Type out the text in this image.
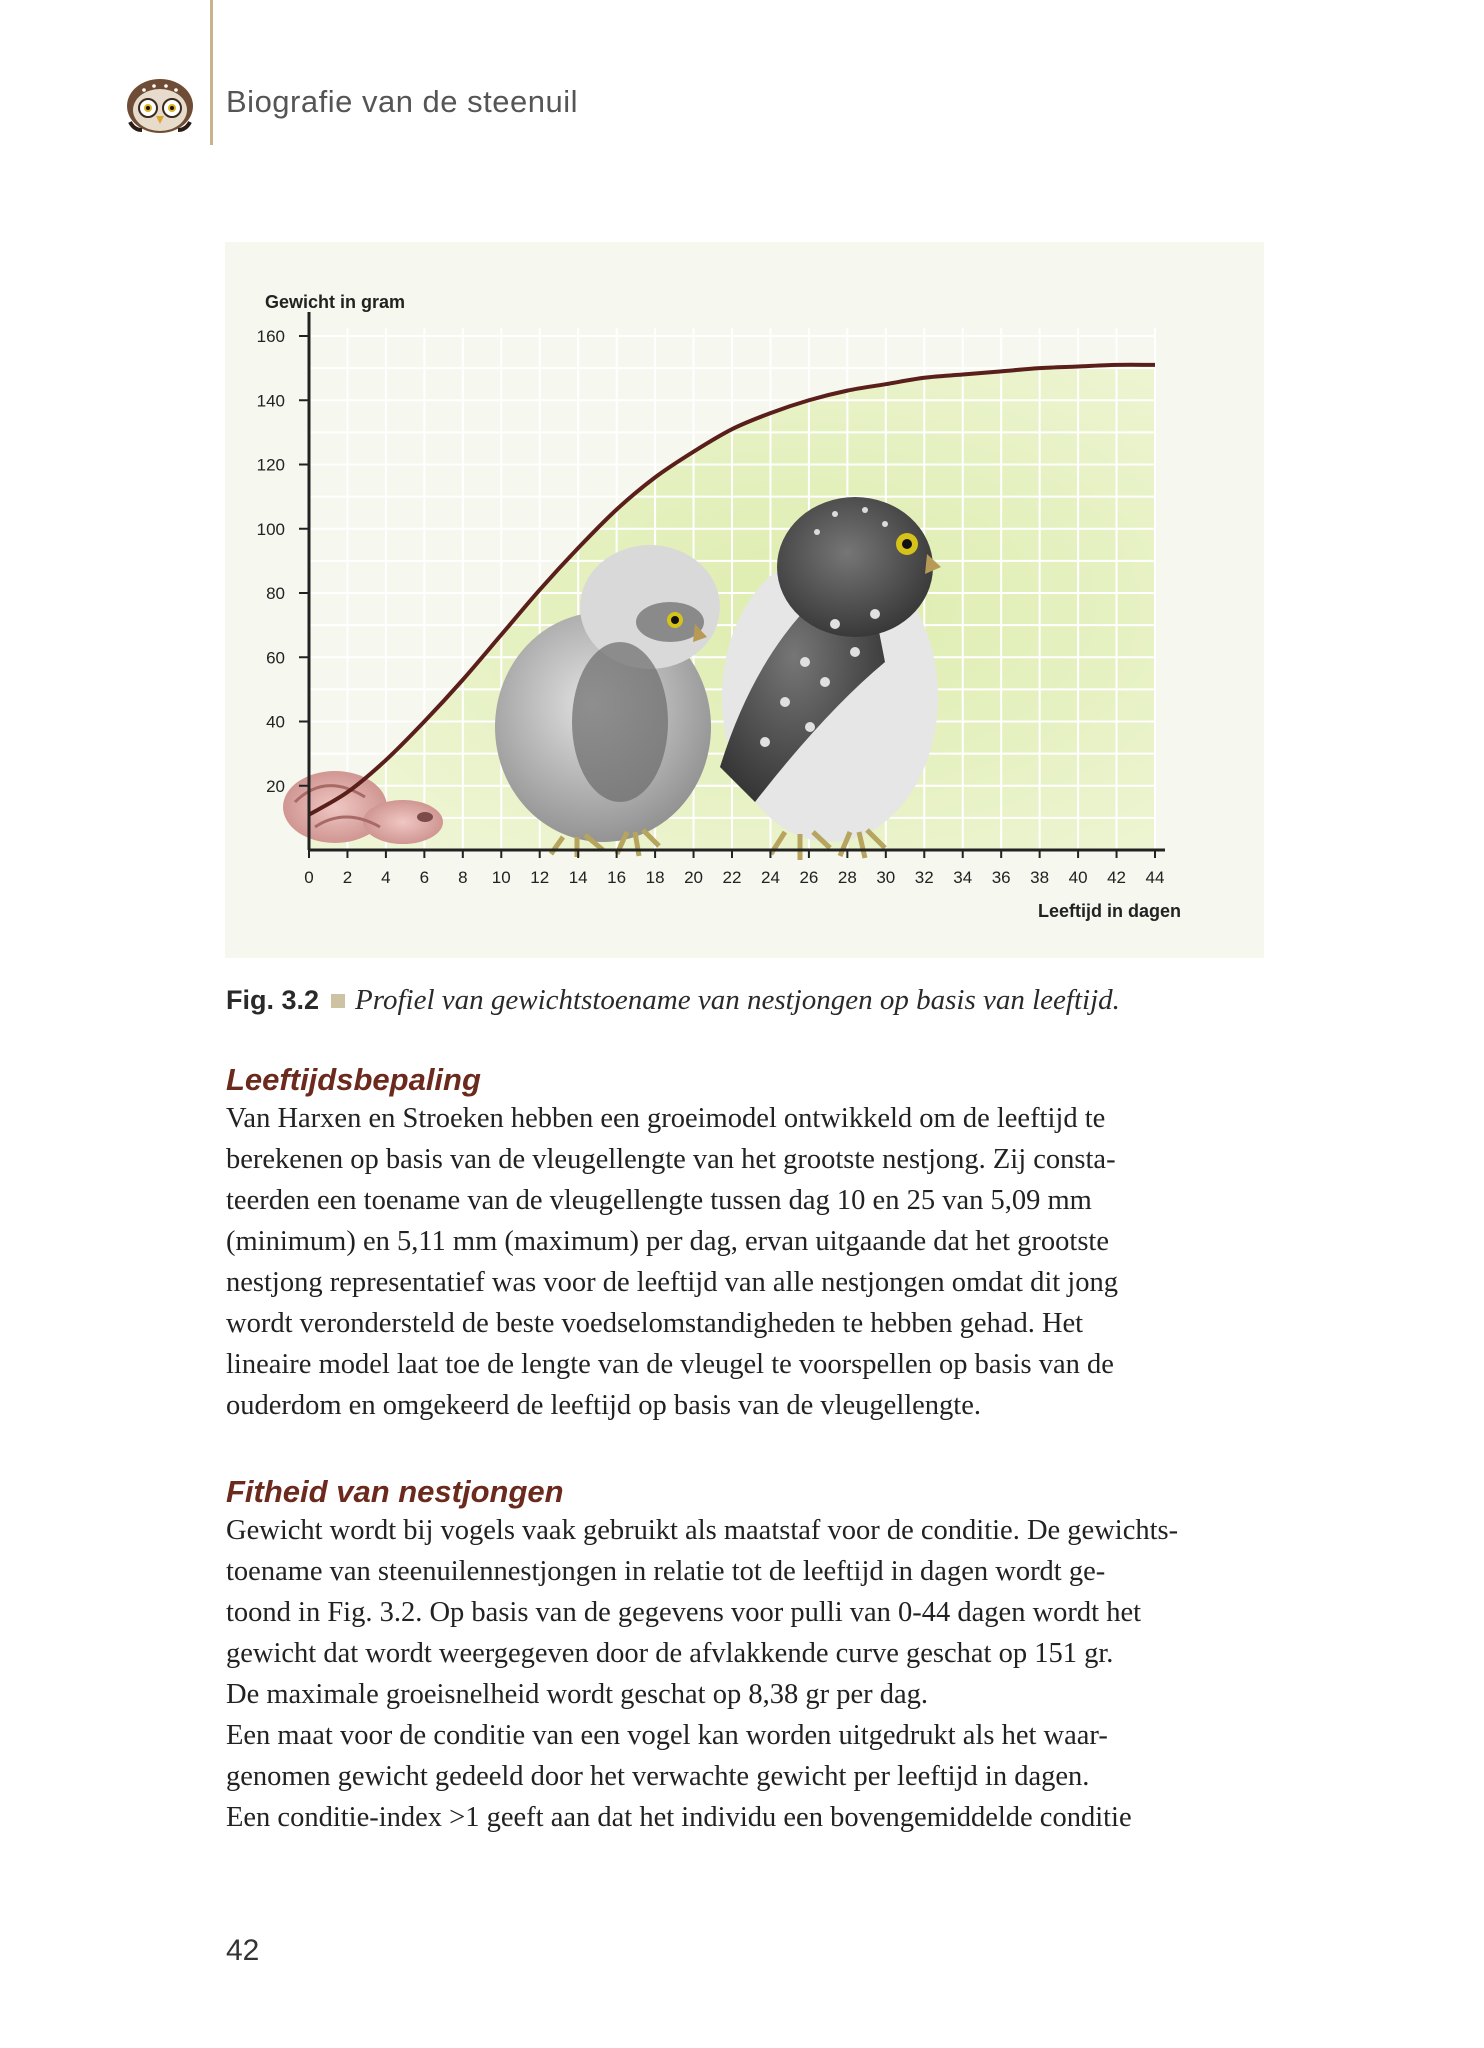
Biografie van de steenuil
20
40
60
80
100
120
140
160
0 2 4 6 8 10 12 14 16 18 20 22 24 26 28 30 32 34 36 38 40 42 44
Gewicht in gram
Leeftijd in dagen
Fig. 3.2 Profiel van gewichtstoename van nestjongen op basis van leeftijd.
Leeftijdsbepaling

Van Harxen en Stroeken hebben een groeimodel ontwikkeld om de leeftijd te
berekenen op basis van de vleugellengte van het grootste nestjong. Zij consta-
teerden een toename van de vleugellengte tussen dag 10 en 25 van 5,09 mm
(minimum) en 5,11 mm (maximum) per dag, ervan uitgaande dat het grootste
nestjong representatief was voor de leeftijd van alle nestjongen omdat dit jong
wordt verondersteld de beste voedselomstandigheden te hebben gehad. Het
lineaire model laat toe de lengte van de vleugel te voorspellen op basis van de
ouderdom en omgekeerd de leeftijd op basis van de vleugellengte.

Fitheid van nestjongen

Gewicht wordt bij vogels vaak gebruikt als maatstaf voor de conditie. De gewichts-
toename van steenuilennestjongen in relatie tot de leeftijd in dagen wordt ge-
toond in Fig. 3.2. Op basis van de gegevens voor pulli van 0-44 dagen wordt het
gewicht dat wordt weergegeven door de afvlakkende curve geschat op 151 gr.
De maximale groeisnelheid wordt geschat op 8,38 gr per dag.
Een maat voor de conditie van een vogel kan worden uitgedrukt als het waar-
genomen gewicht gedeeld door het verwachte gewicht per leeftijd in dagen.
Een conditie-index >1 geeft aan dat het individu een bovengemiddelde conditie

42
